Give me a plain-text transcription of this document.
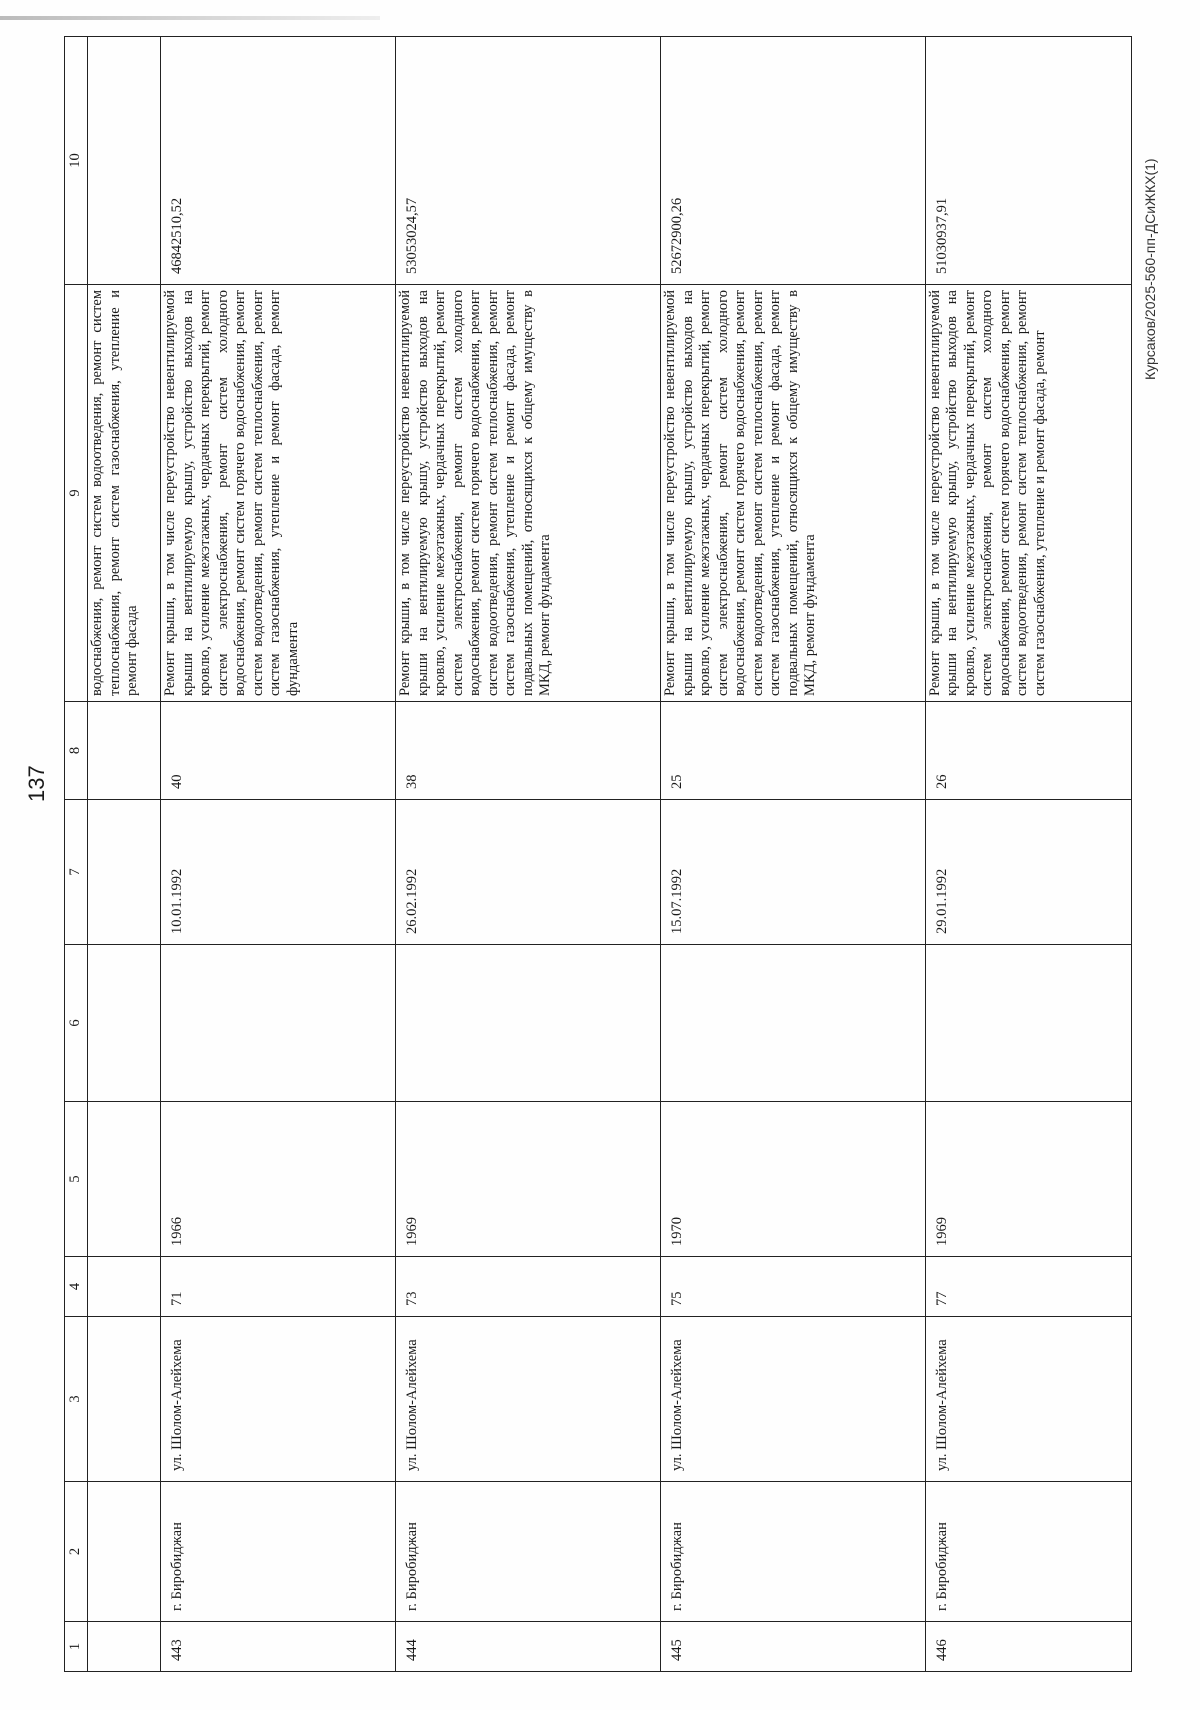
137
1	2	3	4	5	6	7	8	9	10
								водоснабжения, ремонт систем водоотведения, ремонт систем теплоснабжения, ремонт систем газоснабжения, утепление и ремонт фасада	
443	г. Биробиджан	ул. Шолом-Алейхема	71	1966		10.01.1992	40	Ремонт крыши, в том числе переустройство невентилируемой крыши на вентилируемую крышу, устройство выходов на кровлю, усиление межэтажных, чердачных перекрытий, ремонт систем электроснабжения, ремонт систем холодного водоснабжения, ремонт систем горячего водоснабжения, ремонт систем водоотведения, ремонт систем теплоснабжения, ремонт систем газоснабжения, утепление и ремонт фасада, ремонт фундамента	46842510,52
444	г. Биробиджан	ул. Шолом-Алейхема	73	1969		26.02.1992	38	Ремонт крыши, в том числе переустройство невентилируемой крыши на вентилируемую крышу, устройство выходов на кровлю, усиление межэтажных, чердачных перекрытий, ремонт систем электроснабжения, ремонт систем холодного водоснабжения, ремонт систем горячего водоснабжения, ремонт систем водоотведения, ремонт систем теплоснабжения, ремонт систем газоснабжения, утепление и ремонт фасада, ремонт подвальных помещений, относящихся к общему имуществу в МКД, ремонт фундамента	53053024,57
445	г. Биробиджан	ул. Шолом-Алейхема	75	1970		15.07.1992	25	Ремонт крыши, в том числе переустройство невентилируемой крыши на вентилируемую крышу, устройство выходов на кровлю, усиление межэтажных, чердачных перекрытий, ремонт систем электроснабжения, ремонт систем холодного водоснабжения, ремонт систем горячего водоснабжения, ремонт систем водоотведения, ремонт систем теплоснабжения, ремонт систем газоснабжения, утепление и ремонт фасада, ремонт подвальных помещений, относящихся к общему имуществу в МКД, ремонт фундамента	52672900,26
446	г. Биробиджан	ул. Шолом-Алейхема	77	1969		29.01.1992	26	Ремонт крыши, в том числе переустройство невентилируемой крыши на вентилируемую крышу, устройство выходов на кровлю, усиление межэтажных, чердачных перекрытий, ремонт систем электроснабжения, ремонт систем холодного водоснабжения, ремонт систем горячего водоснабжения, ремонт систем водоотведения, ремонт систем теплоснабжения, ремонт систем газоснабжения, утепление и ремонт фасада, ремонт	51030937,91	Курсаков/2025-560-пп-ДСиЖКХ(1)
